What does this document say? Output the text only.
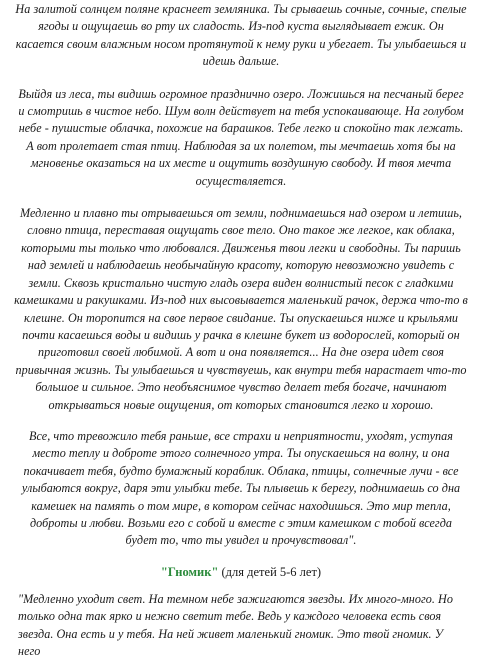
На залитой солнцем поляне краснеет земляника. Ты срываешь сочные, сочные, спелые ягоды и ощущаешь во рту их сладость. Из-под куста выглядывает ежик. Он касается своим влажным носом протянутой к нему руки и убегает. Ты улыбаешься и идешь дальше.

Выйдя из леса, ты видишь огромное празднично озеро. Ложишься на песчаный берег и смотришь в чистое небо. Шум волн действует на тебя успокаивающе. На голубом небе - пушистые облачка, похожие на барашков. Тебе легко и спокойно так лежать. А вот пролетает стая птиц. Наблюдая за их полетом, ты мечтаешь хотя бы на мгновенье оказаться на их месте и ощутить воздушную свободу. И твоя мечта осуществляется.

Медленно и плавно ты отрываешься от земли, поднимаешься над озером и летишь, словно птица, переставая ощущать свое тело. Оно такое же легкое, как облака, которыми ты только что любовался. Движенья твои легки и свободны. Ты паришь над землей и наблюдаешь необычайную красоту, которую невозможно увидеть с земли. Сквозь кристально чистую гладь озера виден волнистый песок с гладкими камешками и ракушками. Из-под них высовывается маленький рачок, держа что-то в клешне. Он торопится на свое первое свидание. Ты опускаешься ниже и крыльями почти касаешься воды и видишь у рачка в клешне букет из водорослей, который он приготовил своей любимой. А вот и она появляется... На дне озера идет своя привычная жизнь. Ты улыбаешься и чувствуешь, как внутри тебя нарастает что-то большое и сильное. Это необъяснимое чувство делает тебя богаче, начинают открываться новые ощущения, от которых становится легко и хорошо.

Все, что тревожило тебя раньше, все страхи и неприятности, уходят, уступая место теплу и доброте этого солнечного утра. Ты опускаешься на волну, и она покачивает тебя, будто бумажный кораблик. Облака, птицы, солнечные лучи - все улыбаются вокруг, даря эти улыбки тебе. Ты плывешь к берегу, поднимаешь со дна камешек на память о том мире, в котором сейчас находишься. Это мир тепла, доброты и любви. Возьми его с собой и вместе с этим камешком с тобой всегда будет то, что ты увидел и прочувствовал".

"Гномик" (для детей 5-6 лет)

"Медленно уходит свет. На темном небе зажигаются звезды. Их много-много. Но только одна так ярко и нежно светит тебе. Ведь у каждого человека есть своя звезда. Она есть и у тебя. На ней живет маленький гномик. Это твой гномик. У него
